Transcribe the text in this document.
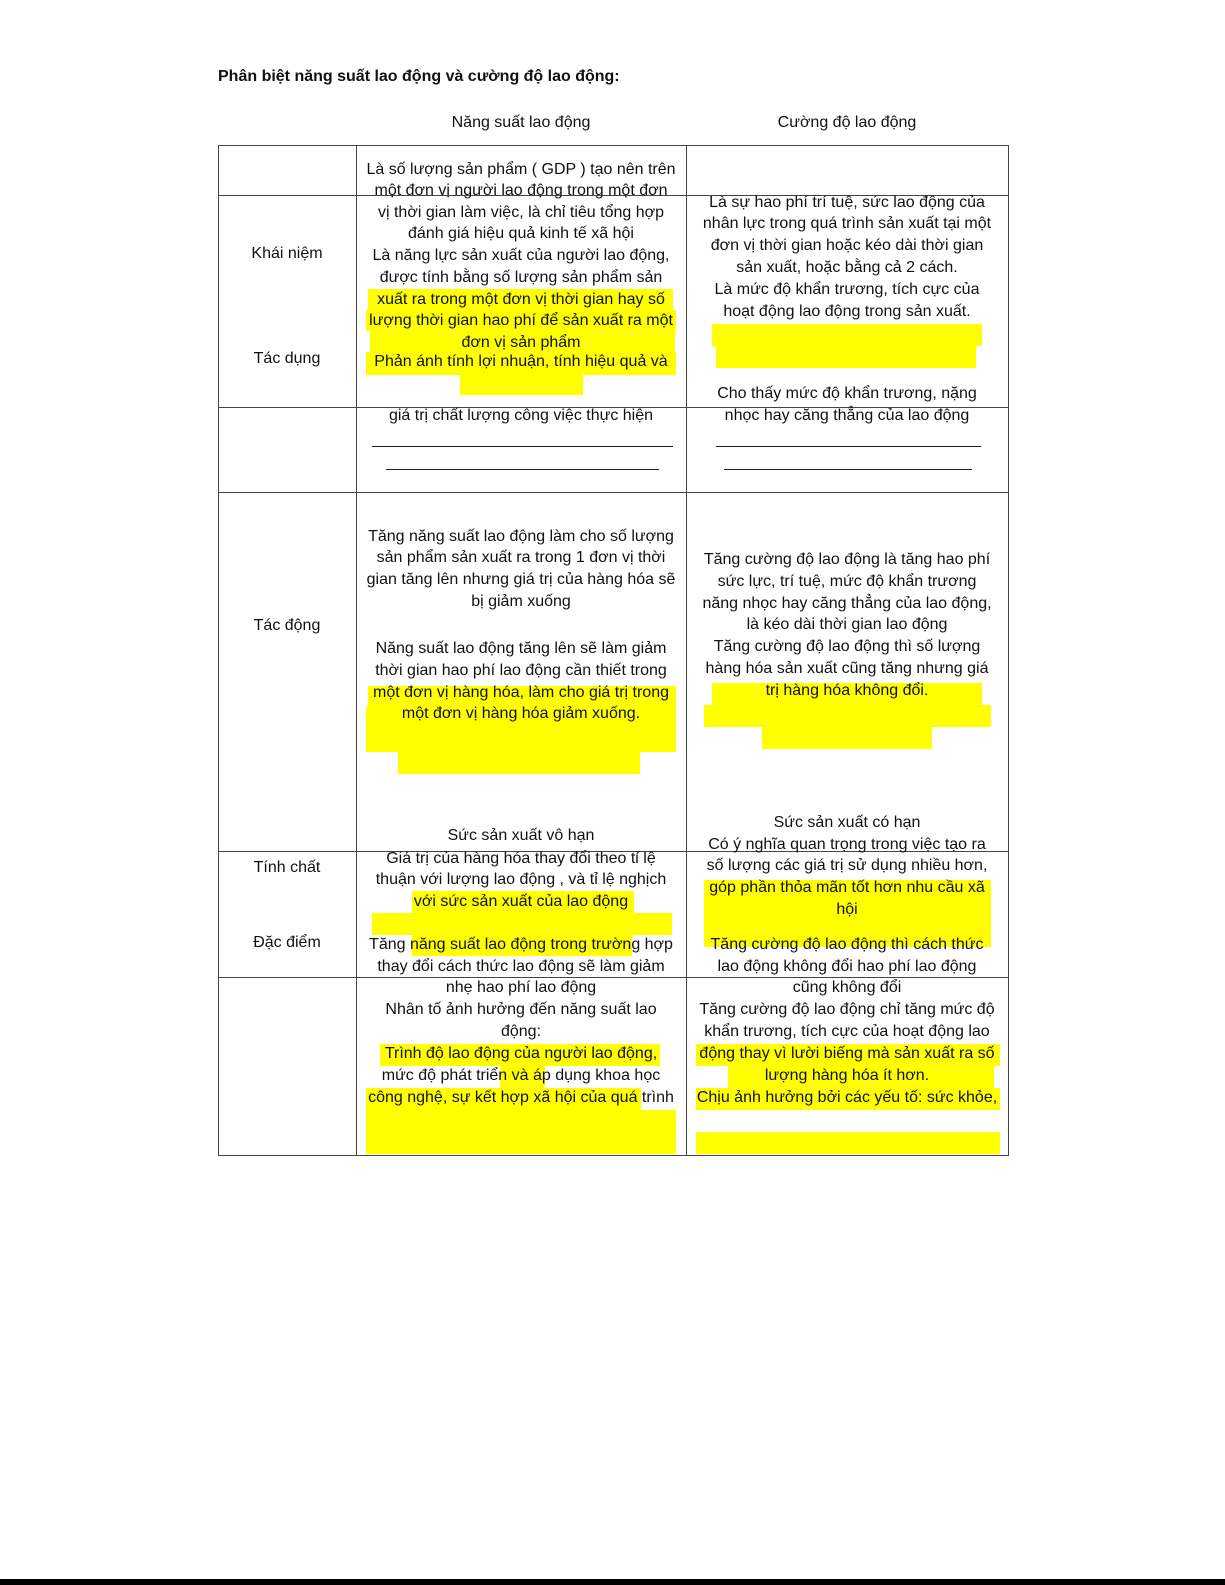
Phân biệt năng suất lao động và cường độ lao động:
Năng suất lao động	Cường độ lao động
Khái niệm
Tác dụng
Tác động
Tính chất
Đặc điểm
Là số lượng sản phẩm ( GDP ) tạo nên trên
một đơn vị người lao động trong một đơn
vị thời gian làm việc, là chỉ tiêu tổng hợp
đánh giá hiệu quả kinh tế xã hội
Là năng lực sản xuất của người lao động,
được tính bằng số lượng sản phẩm sản
xuất ra trong một đơn vị thời gian hay số
lượng thời gian hao phí để sản xuất ra một
đơn vị sản phẩm
Phản ánh tính lợi nhuận, tính hiệu quả và
giá trị chất lượng công việc thực hiện
Tăng năng suất lao động làm cho số lượng
sản phẩm sản xuất ra trong 1 đơn vị thời
gian tăng lên nhưng giá trị của hàng hóa sẽ
bị giảm xuống
Năng suất lao động tăng lên sẽ làm giảm
thời gian hao phí lao động cần thiết trong
một đơn vị hàng hóa, làm cho giá trị trong
một đơn vị hàng hóa giảm xuống.
Sức sản xuất vô hạn
Giá trị của hàng hóa thay đổi theo tỉ lệ
thuận với lượng lao động , và tỉ lệ nghịch
với sức sản xuất của lao động
Tăng năng suất lao động trong trường hợp
thay đổi cách thức lao động sẽ làm giảm
nhẹ hao phí lao động
Nhân tố ảnh hưởng đến năng suất lao
động:
Trình độ lao động của người lao động,
mức độ phát triển và áp dụng khoa học
công nghệ, sự kết hợp xã hội của quá trình
Là sự hao phí trí tuệ, sức lao động của
nhân lực trong quá trình sản xuất tại một
đơn vị thời gian hoặc kéo dài thời gian
sản xuất, hoặc bằng cả 2 cách.
Là mức độ khẩn trương, tích cực của
hoạt động lao động trong sản xuất.
Cho thấy mức độ khẩn trương, nặng
nhọc hay căng thẳng của lao động
Tăng cường độ lao động là tăng hao phí
sức lực, trí tuệ, mức độ khẩn trương
năng nhọc hay căng thẳng của lao động,
là kéo dài thời gian lao động
Tăng cường độ lao động thì số lượng
hàng hóa sản xuất cũng tăng nhưng giá
trị hàng hóa không đổi.
Sức sản xuất có hạn
Có ý nghĩa quan trọng trong việc tạo ra
số lượng các giá trị sử dụng nhiều hơn,
góp phần thỏa mãn tốt hơn nhu cầu xã
hội
Tăng cường độ lao động thì cách thức
lao động không đổi hao phí lao động
cũng không đổi
Tăng cường độ lao động chỉ tăng mức độ
khẩn trương, tích cực của hoạt động lao
động thay vì lười biếng mà sản xuất ra số
lượng hàng hóa ít hơn.
Chịu ảnh hưởng bởi các yếu tố: sức khỏe,
